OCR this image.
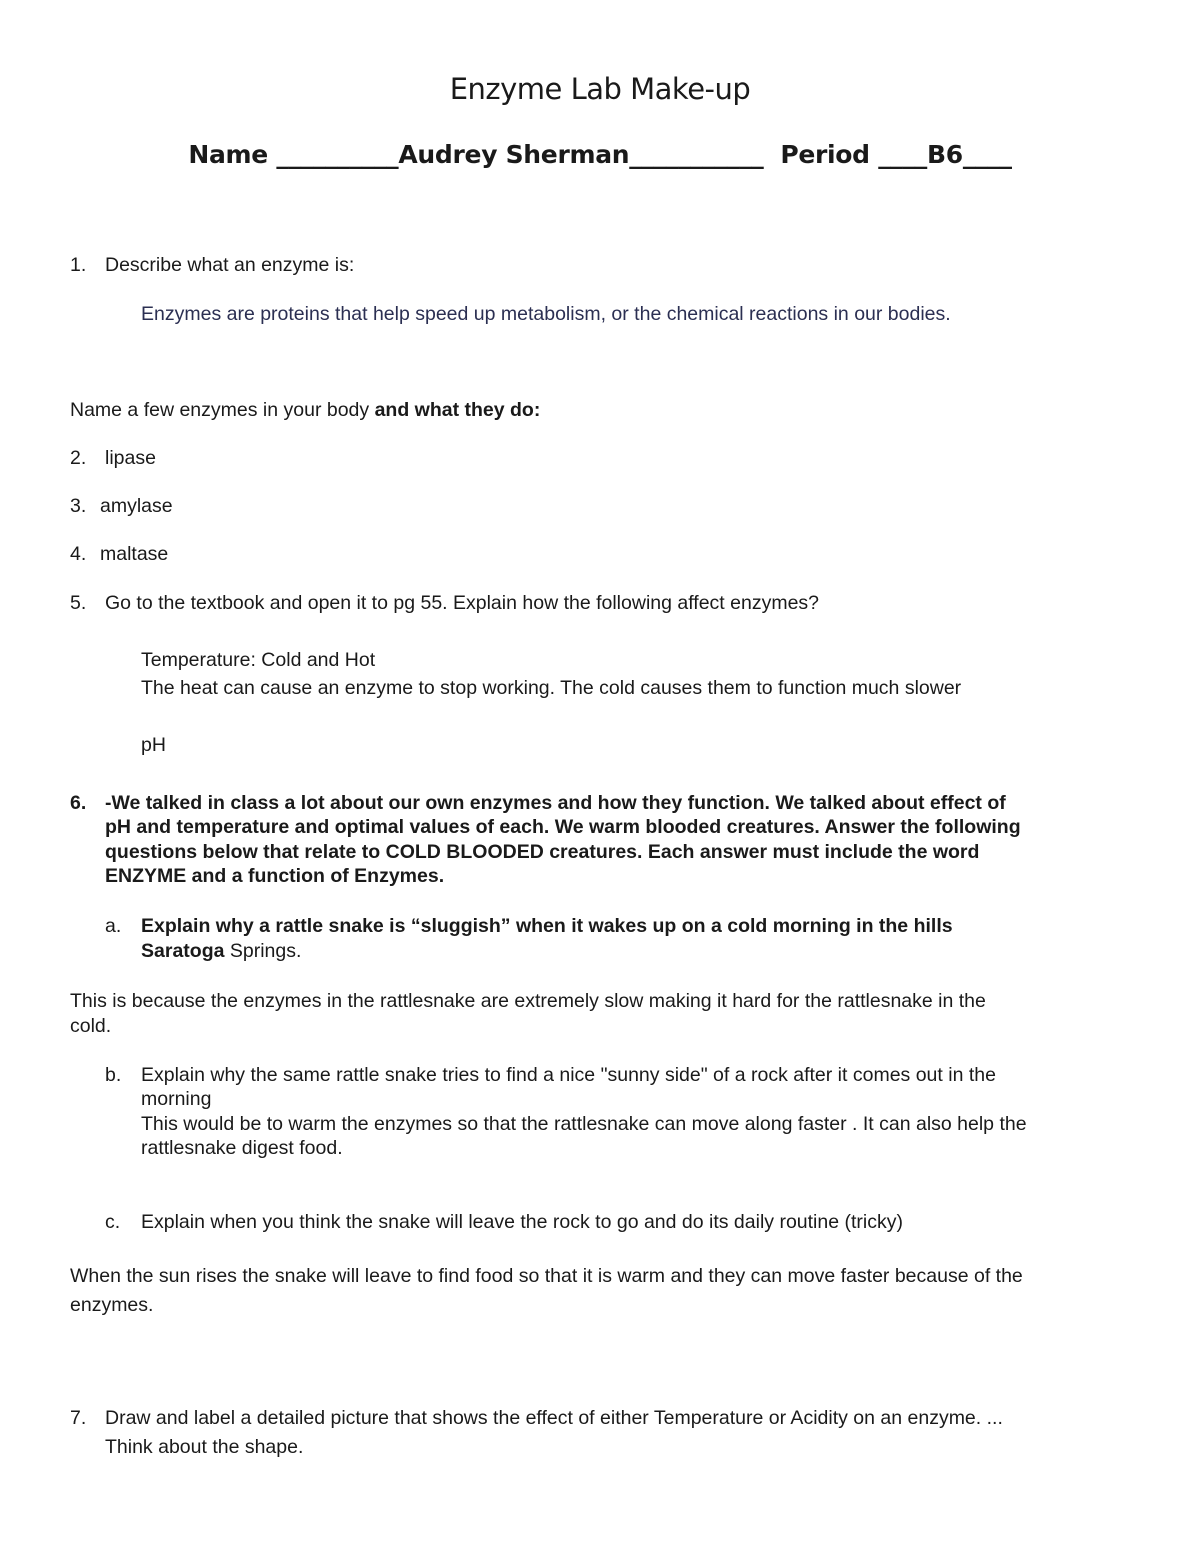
Enzyme Lab Make-up
Name __________Audrey Sherman___________ Period ____B6____
1. Describe what an enzyme is:
Enzymes are proteins that help speed up metabolism, or the chemical reactions in our bodies.
Name a few enzymes in your body and what they do:
2. lipase
3. amylase
4. maltase
5. Go to the textbook and open it to pg 55. Explain how the following affect enzymes?
Temperature: Cold and Hot
The heat can cause an enzyme to stop working. The cold causes them to function much slower
pH
6. -We talked in class a lot about our own enzymes and how they function. We talked about effect of
pH and temperature and optimal values of each. We warm blooded creatures. Answer the following
questions below that relate to COLD BLOODED creatures. Each answer must include the word
ENZYME and a function of Enzymes.
a. Explain why a rattle snake is “sluggish” when it wakes up on a cold morning in the hills
Saratoga Springs.
This is because the enzymes in the rattlesnake are extremely slow making it hard for the rattlesnake in the
cold.
b. Explain why the same rattle snake tries to find a nice "sunny side" of a rock after it comes out in the
morning
This would be to warm the enzymes so that the rattlesnake can move along faster . It can also help the
rattlesnake digest food.
c. Explain when you think the snake will leave the rock to go and do its daily routine (tricky)
When the sun rises the snake will leave to find food so that it is warm and they can move faster because of the
enzymes.
7. Draw and label a detailed picture that shows the effect of either Temperature or Acidity on an enzyme. ...
Think about the shape.
